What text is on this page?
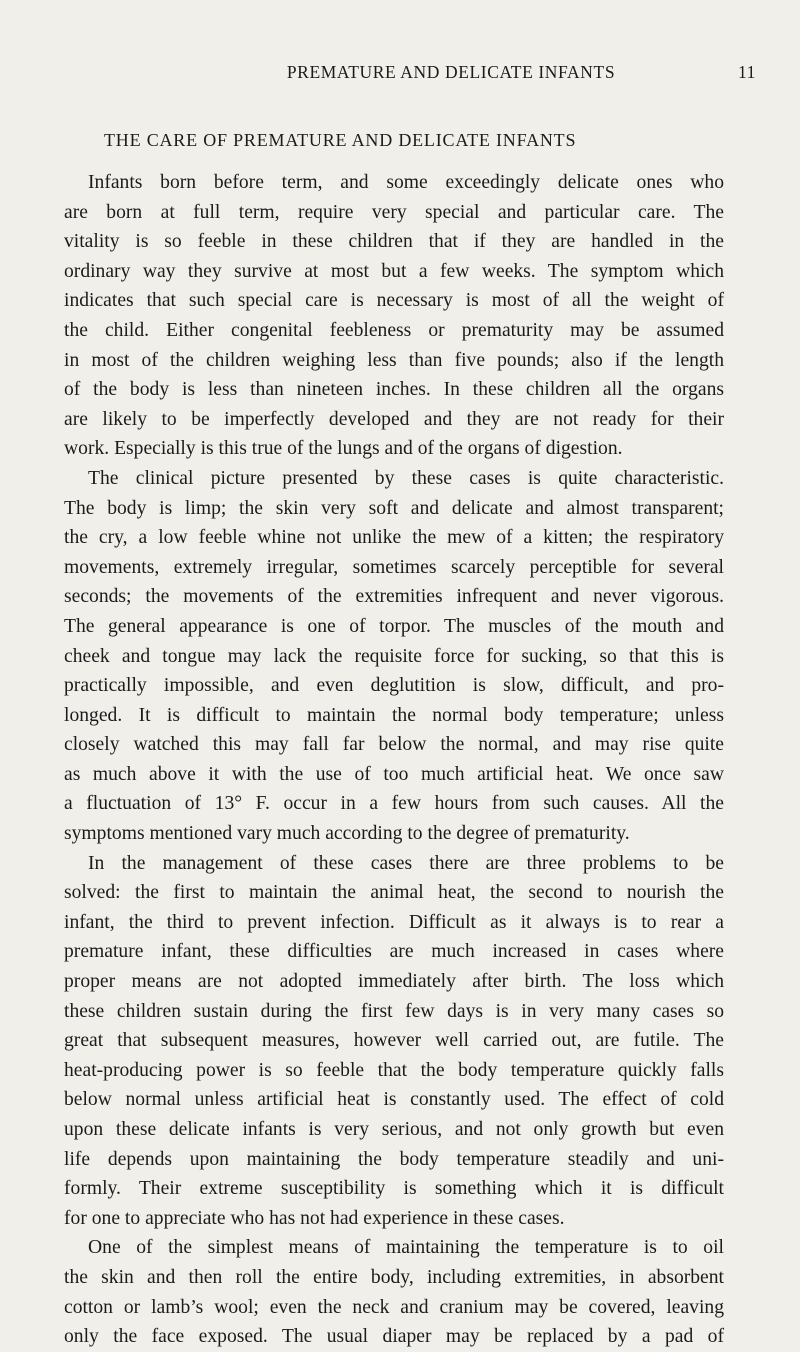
PREMATURE AND DELICATE INFANTS	11
THE CARE OF PREMATURE AND DELICATE INFANTS
Infants born before term, and some exceedingly delicate ones who
are born at full term, require very special and particular care. The
vitality is so feeble in these children that if they are handled in the
ordinary way they survive at most but a few weeks. The symptom which
indicates that such special care is necessary is most of all the weight of
the child. Either congenital feebleness or prematurity may be assumed
in most of the children weighing less than five pounds; also if the length
of the body is less than nineteen inches. In these children all the organs
are likely to be imperfectly developed and they are not ready for their
work. Especially is this true of the lungs and of the organs of digestion.
The clinical picture presented by these cases is quite characteristic.
The body is limp; the skin very soft and delicate and almost transparent;
the cry, a low feeble whine not unlike the mew of a kitten; the respiratory
movements, extremely irregular, sometimes scarcely perceptible for several
seconds; the movements of the extremities infrequent and never vigorous.
The general appearance is one of torpor. The muscles of the mouth and
cheek and tongue may lack the requisite force for sucking, so that this is
practically impossible, and even deglutition is slow, difficult, and pro-
longed. It is difficult to maintain the normal body temperature; unless
closely watched this may fall far below the normal, and may rise quite
as much above it with the use of too much artificial heat. We once saw
a fluctuation of 13° F. occur in a few hours from such causes. All the
symptoms mentioned vary much according to the degree of prematurity.
In the management of these cases there are three problems to be
solved: the first to maintain the animal heat, the second to nourish the
infant, the third to prevent infection. Difficult as it always is to rear a
premature infant, these difficulties are much increased in cases where
proper means are not adopted immediately after birth. The loss which
these children sustain during the first few days is in very many cases so
great that subsequent measures, however well carried out, are futile. The
heat-producing power is so feeble that the body temperature quickly falls
below normal unless artificial heat is constantly used. The effect of cold
upon these delicate infants is very serious, and not only growth but even
life depends upon maintaining the body temperature steadily and uni-
formly. Their extreme susceptibility is something which it is difficult
for one to appreciate who has not had experience in these cases.
One of the simplest means of maintaining the temperature is to oil
the skin and then roll the entire body, including extremities, in absorbent
cotton or lamb’s wool; even the neck and cranium may be covered, leaving
only the face exposed. The usual diaper may be replaced by a pad of
